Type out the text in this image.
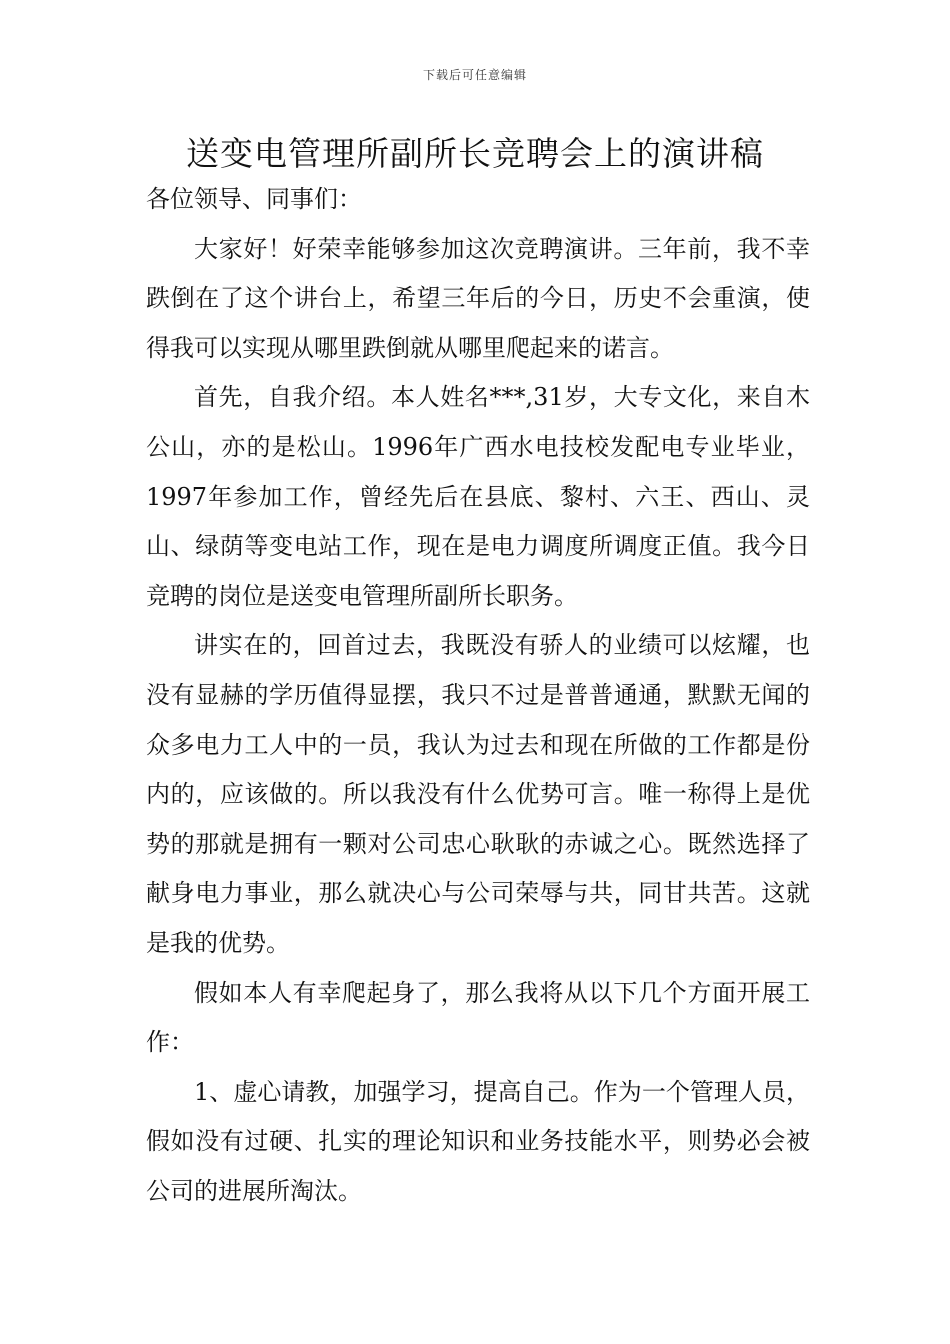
下载后可任意编辑
送变电管理所副所长竞聘会上的演讲稿

各位领导、同事们：

大家好！好荣幸能够参加这次竞聘演讲。三年前，我不幸跌倒在了这个讲台上，希望三年后的今日，历史不会重演，使得我可以实现从哪里跌倒就从哪里爬起来的诺言。

首先，自我介绍。本人姓名***,31岁，大专文化，来自木公山，亦的是松山。1996年广西水电技校发配电专业毕业，1997年参加工作，曾经先后在县底、黎村、六王、西山、灵山、绿荫等变电站工作，现在是电力调度所调度正值。我今日竞聘的岗位是送变电管理所副所长职务。

讲实在的，回首过去，我既没有骄人的业绩可以炫耀，也没有显赫的学历值得显摆，我只不过是普普通通，默默无闻的众多电力工人中的一员，我认为过去和现在所做的工作都是份内的，应该做的。所以我没有什么优势可言。唯一称得上是优势的那就是拥有一颗对公司忠心耿耿的赤诚之心。既然选择了献身电力事业，那么就决心与公司荣辱与共，同甘共苦。这就是我的优势。

假如本人有幸爬起身了，那么我将从以下几个方面开展工作：

1、虚心请教，加强学习，提高自己。作为一个管理人员，假如没有过硬、扎实的理论知识和业务技能水平，则势必会被公司的进展所淘汰。
